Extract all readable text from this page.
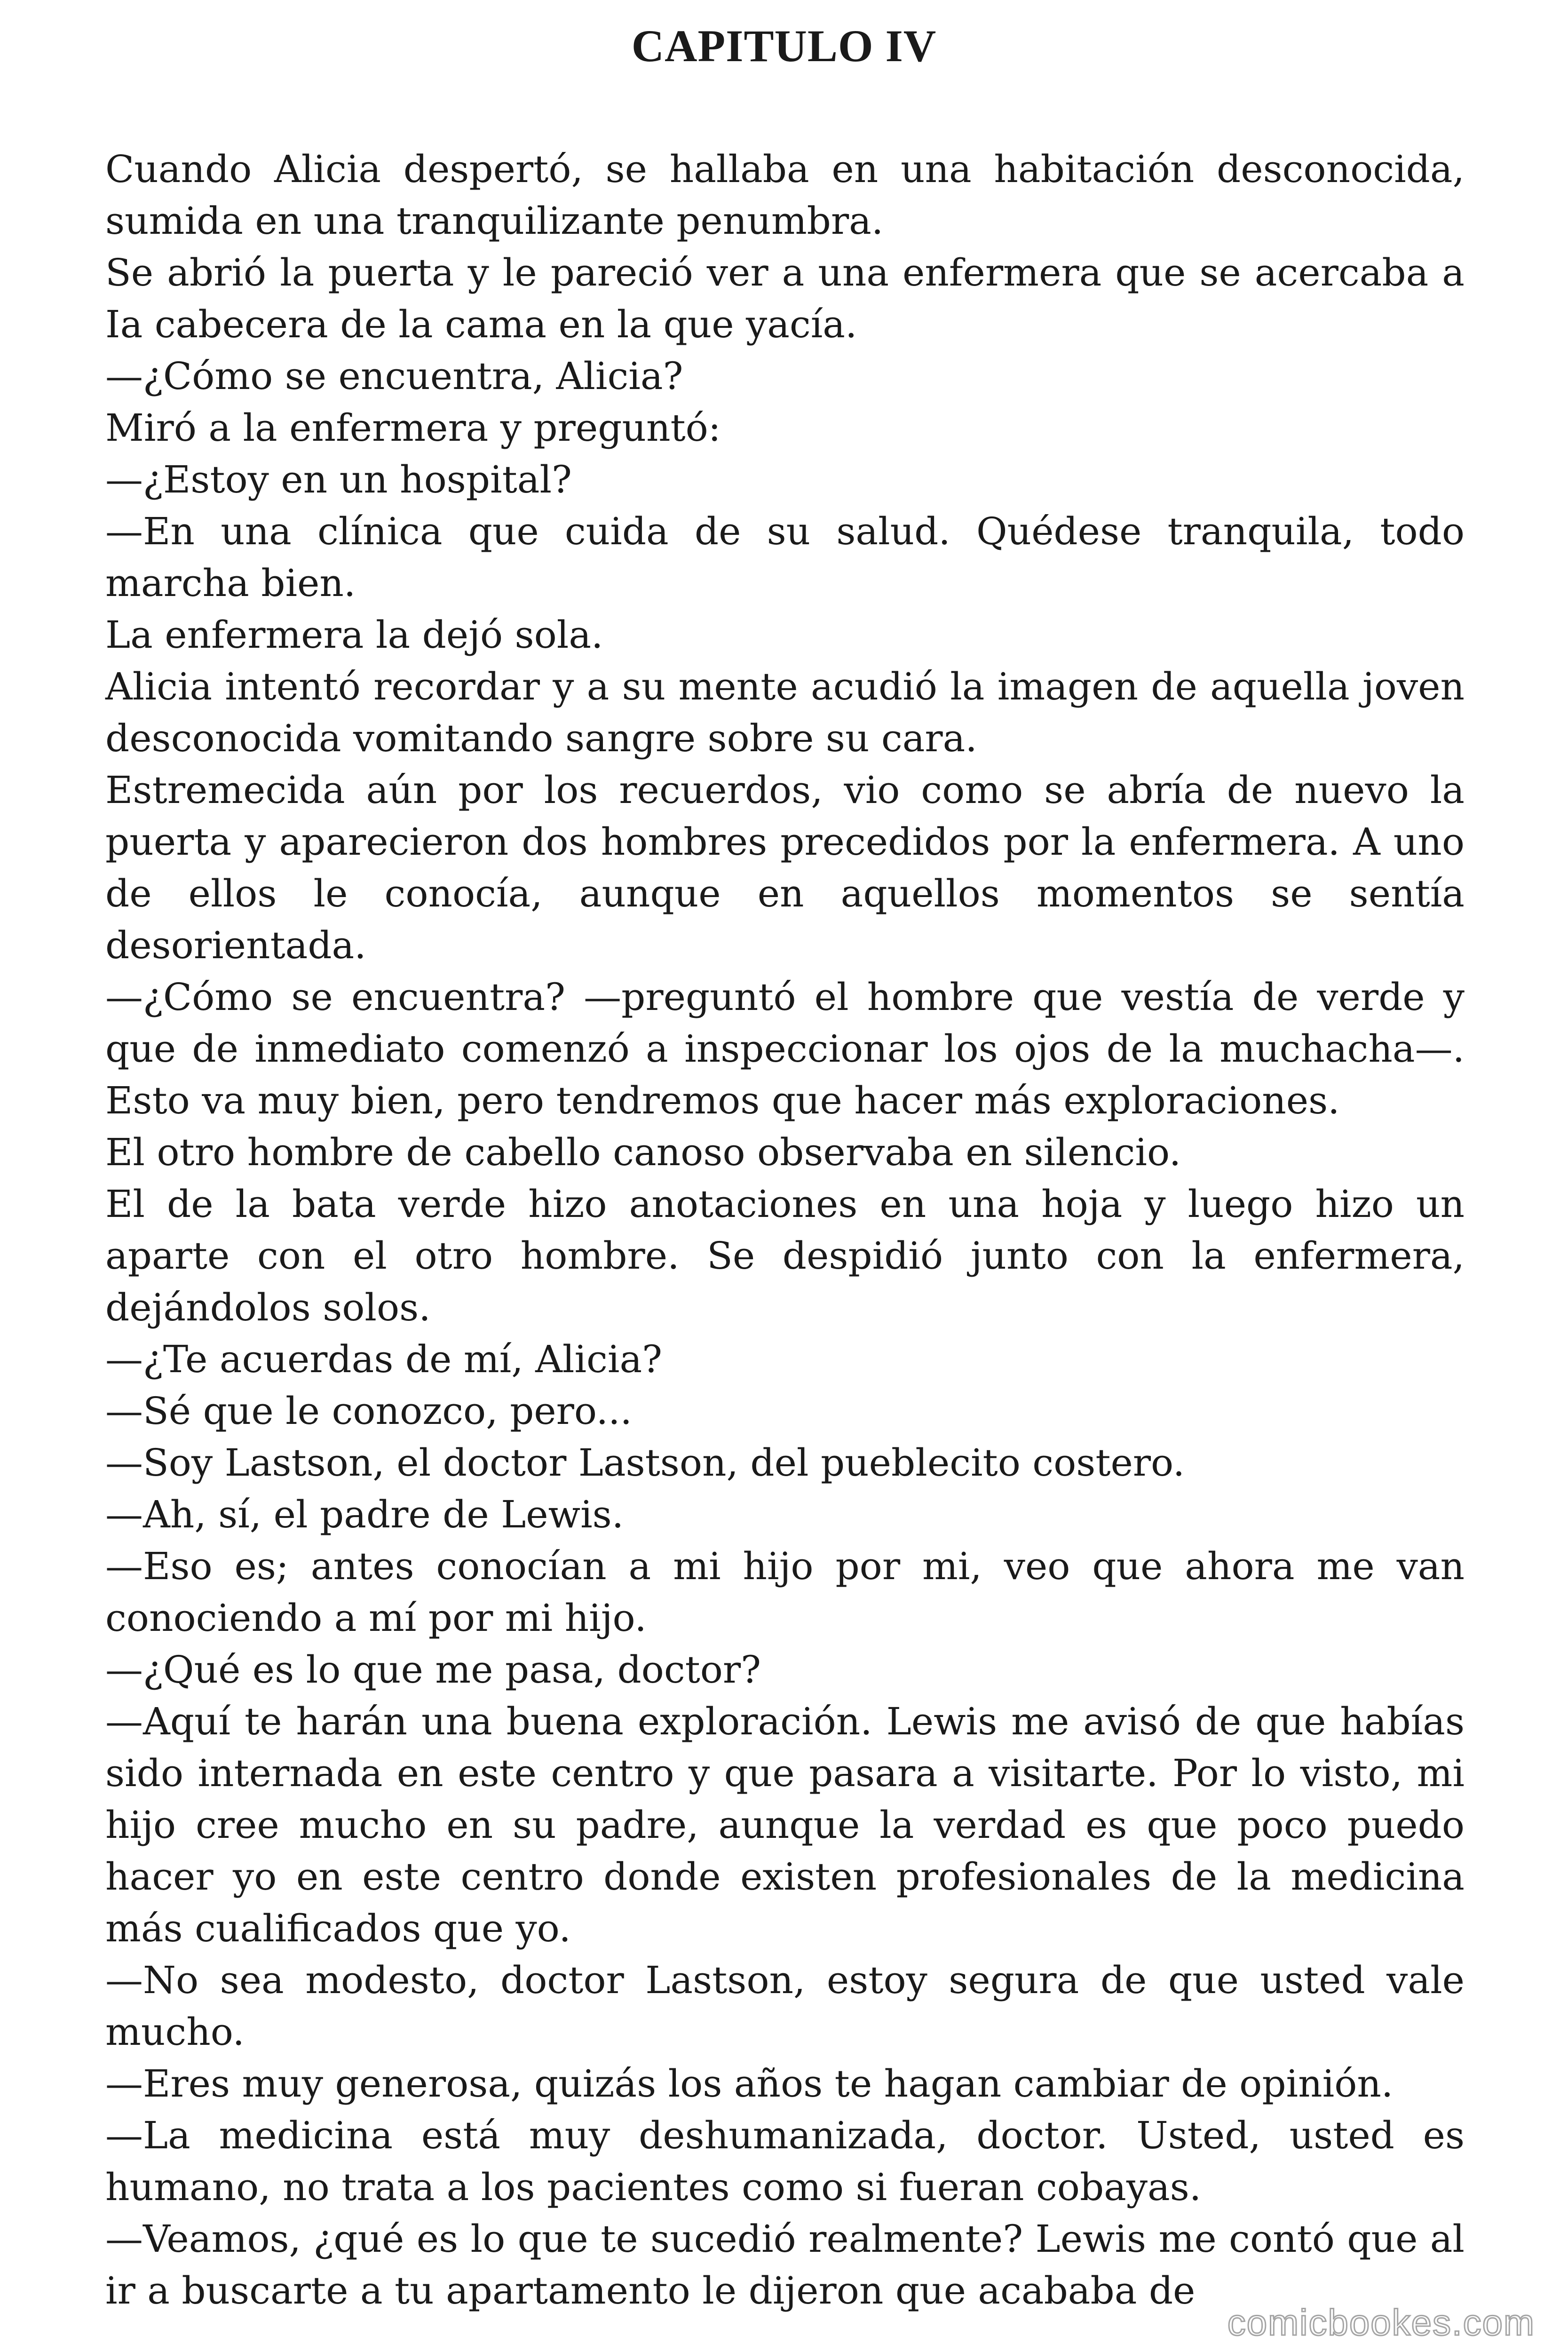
CAPITULO IV

Cuando Alicia despertó, se hallaba en una habitación desconocida, sumida en una tranquilizante penumbra.

Se abrió la puerta y le pareció ver a una enfermera que se acercaba a Ia cabecera de la cama en la que yacía.

—¿Cómo se encuentra, Alicia?

Miró a la enfermera y preguntó:

—¿Estoy en un hospital?

—En una clínica que cuida de su salud. Quédese tranquila, todo marcha bien.

La enfermera la dejó sola.

Alicia intentó recordar y a su mente acudió la imagen de aquella joven desconocida vomitando sangre sobre su cara.

Estremecida aún por los recuerdos, vio como se abría de nuevo la puerta y aparecieron dos hombres precedidos por la enfermera. A uno de ellos le conocía, aunque en aquellos momentos se sentía desorientada.

—¿Cómo se encuentra? —preguntó el hombre que vestía de verde y que de inmediato comenzó a inspeccionar los ojos de la muchacha—. Esto va muy bien, pero tendremos que hacer más exploraciones.

El otro hombre de cabello canoso observaba en silencio.

El de la bata verde hizo anotaciones en una hoja y luego hizo un aparte con el otro hombre. Se despidió junto con la enfermera, dejándolos solos.

—¿Te acuerdas de mí, Alicia?

—Sé que le conozco, pero...

—Soy Lastson, el doctor Lastson, del pueblecito costero.

—Ah, sí, el padre de Lewis.

—Eso es; antes conocían a mi hijo por mi, veo que ahora me van conociendo a mí por mi hijo.

—¿Qué es lo que me pasa, doctor?

—Aquí te harán una buena exploración. Lewis me avisó de que habías sido internada en este centro y que pasara a visitarte. Por lo visto, mi hijo cree mucho en su padre, aunque la verdad es que poco puedo hacer yo en este centro donde existen profesionales de la medicina más cualificados que yo.

—No sea modesto, doctor Lastson, estoy segura de que usted vale mucho.

—Eres muy generosa, quizás los años te hagan cambiar de opinión.

—La medicina está muy deshumanizada, doctor. Usted, usted es humano, no trata a los pacientes como si fueran cobayas.

—Veamos, ¿qué es lo que te sucedió realmente? Lewis me contó que al ir a buscarte a tu apartamento le dijeron que acababa de

comicbookes.com
